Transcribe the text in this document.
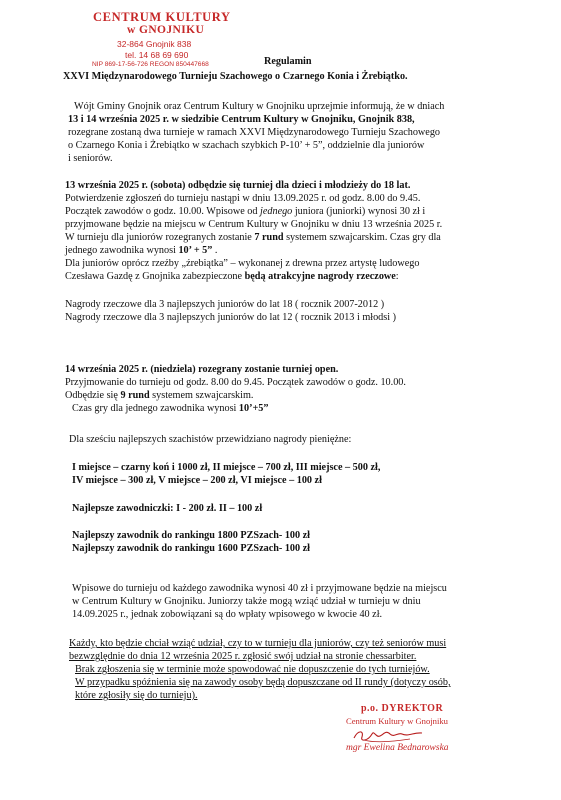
CENTRUM KULTURY
w GNOJNIKU
32-864 Gnojnik 838
tel. 14 68 69 690
NIP 869-17-56-726 REGON 850447668	Regulamin
XXVI Międzynarodowego Turnieju Szachowego o Czarnego Konia i Żrebiątko.
Wójt Gminy Gnojnik oraz Centrum Kultury w Gnojniku uprzejmie informują, że w dniach
13 i 14 września 2025 r. w siedzibie Centrum Kultury w Gnojniku, Gnojnik 838,
rozegrane zostaną dwa turnieje w ramach XXVI Międzynarodowego Turnieju Szachowego
o Czarnego Konia i Żrebiątko w szachach szybkich P-10’ + 5”, oddzielnie dla juniorów
i seniorów.
13 września 2025 r. (sobota) odbędzie się turniej dla dzieci i młodzieży do 18 lat.
Potwierdzenie zgłoszeń do turnieju nastąpi w dniu 13.09.2025 r. od godz. 8.00 do 9.45.
Początek zawodów o godz. 10.00. Wpisowe od jednego juniora (juniorki) wynosi 30 zł i
przyjmowane będzie na miejscu w Centrum Kultury w Gnojniku w dniu 13 września 2025 r.
W turnieju dla juniorów rozegranych zostanie 7 rund systemem szwajcarskim. Czas gry dla
jednego zawodnika wynosi 10’ + 5” .
Dla juniorów oprócz rzeźby „źrebiątka” – wykonanej z drewna przez artystę ludowego
Czesława Gazdę z Gnojnika zabezpieczone będą atrakcyjne nagrody rzeczowe:
Nagrody rzeczowe dla 3 najlepszych juniorów do lat 18 ( rocznik 2007-2012 )
Nagrody rzeczowe dla 3 najlepszych juniorów do lat 12 ( rocznik 2013 i młodsi )
14 września 2025 r. (niedziela) rozegrany zostanie turniej open.
Przyjmowanie do turnieju od godz. 8.00 do 9.45. Początek zawodów o godz. 10.00.
Odbędzie się 9 rund systemem szwajcarskim.
Czas gry dla jednego zawodnika wynosi 10’+5”
Dla sześciu najlepszych szachistów przewidziano nagrody pieniężne:
I miejsce – czarny koń i 1000 zł, II miejsce – 700 zł, III miejsce – 500 zł,
IV miejsce – 300 zł, V miejsce – 200 zł, VI miejsce – 100 zł
Najlepsze zawodniczki: I - 200 zł. II – 100 zł
Najlepszy zawodnik do rankingu 1800 PZSzach- 100 zł
Najlepszy zawodnik do rankingu 1600 PZSzach- 100 zł
Wpisowe do turnieju od każdego zawodnika wynosi 40 zł i przyjmowane będzie na miejscu
w Centrum Kultury w Gnojniku. Juniorzy także mogą wziąć udział w turnieju w dniu
14.09.2025 r., jednak zobowiązani są do wpłaty wpisowego w kwocie 40 zł.
Każdy, kto będzie chciał wziąć udział, czy to w turnieju dla juniorów, czy też seniorów musi
bezwzględnie do dnia 12 września 2025 r. zgłosić swój udział na stronie chessarbiter.
Brak zgłoszenia się w terminie może spowodować nie dopuszczenie do tych turniejów.
W przypadku spóźnienia się na zawody osoby będą dopuszczane od II rundy (dotyczy osób,
które zgłosiły się do turnieju).
p.o. DYREKTOR
Centrum Kultury w Gnojniku
mgr Ewelina Bednarowska
